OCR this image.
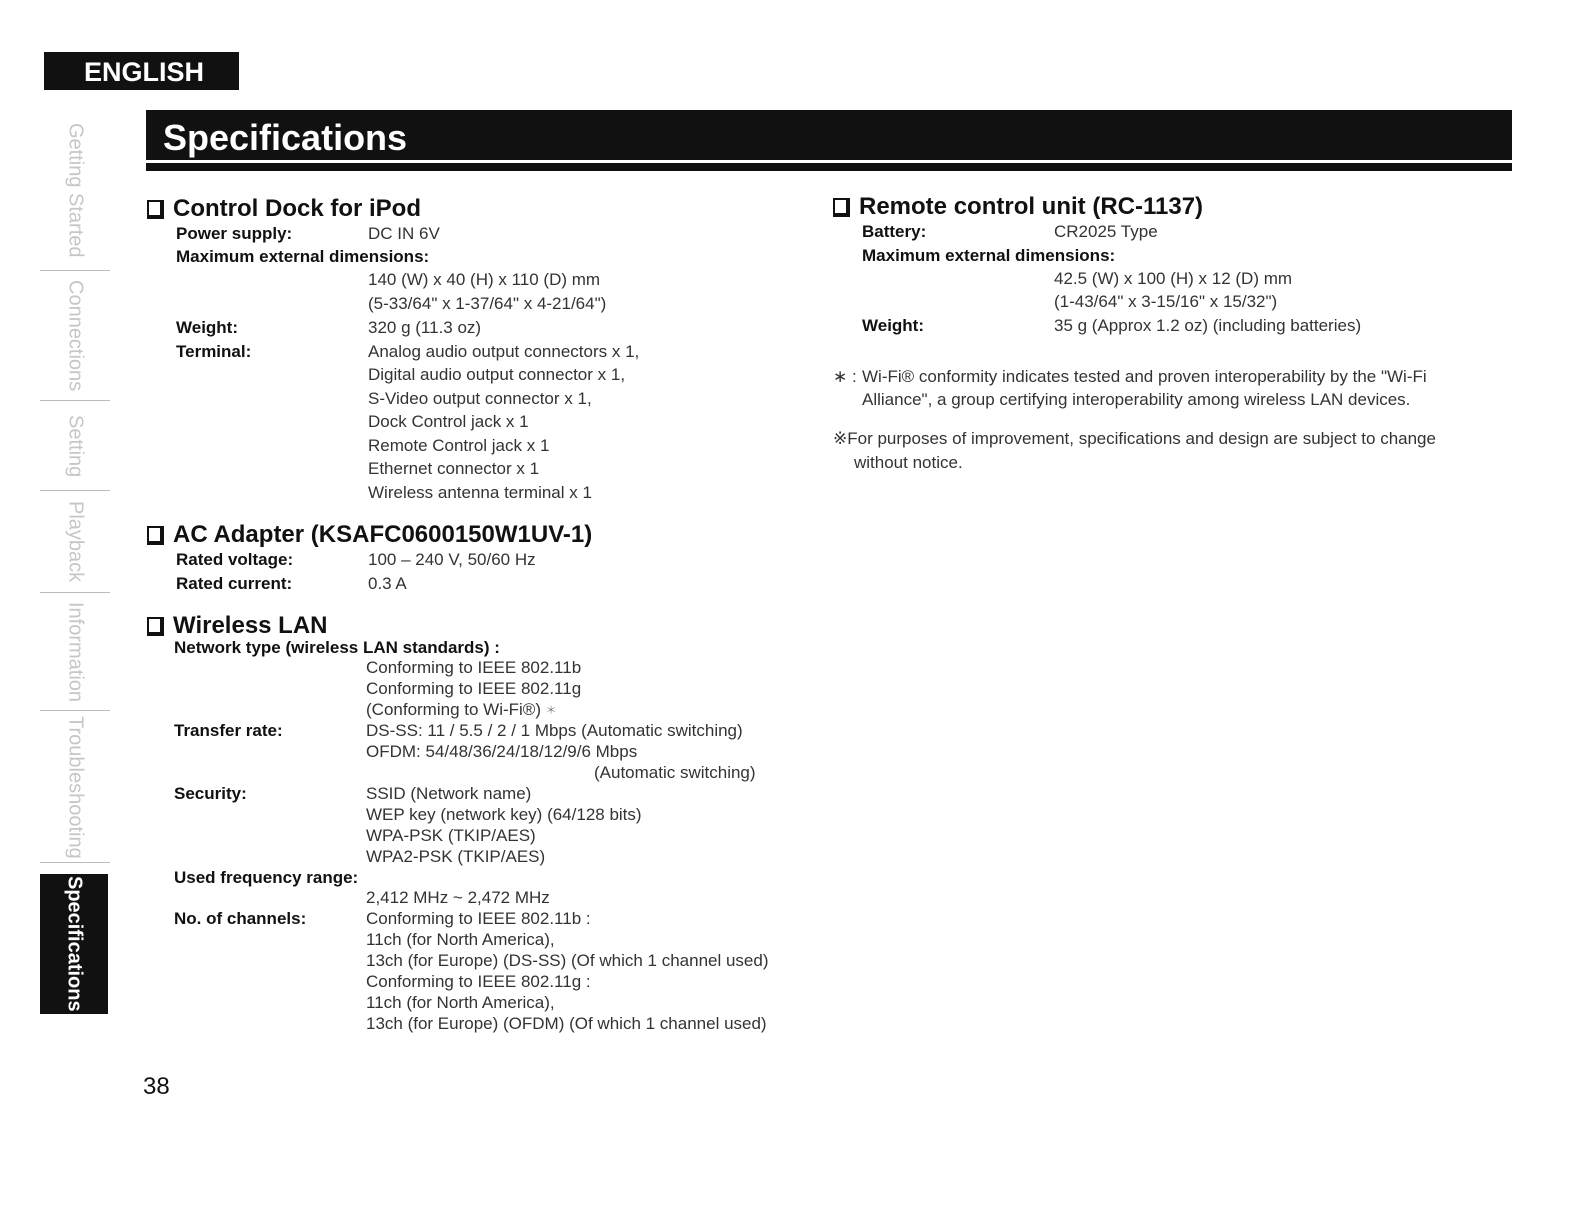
ENGLISH
Specifications
Getting Started
Connections
Setting
Playback
Information
Troubleshooting
Specifications
Control Dock for iPod
Power supply:	DC IN 6V
Maximum external dimensions:
140 (W) x 40 (H) x 110 (D) mm
(5-33/64" x 1-37/64" x 4-21/64")
Weight:	320 g (11.3 oz)
Terminal:	Analog audio output connectors x 1,
Digital audio output connector x 1,
S-Video output connector x 1,
Dock Control jack x 1
Remote Control jack x 1
Ethernet connector x 1
Wireless antenna terminal x 1
AC Adapter (KSAFC0600150W1UV-1)
Rated voltage:	100 – 240 V, 50/60 Hz
Rated current:	0.3 A
Wireless LAN
Network type (wireless LAN standards) :
Conforming to IEEE 802.11b
Conforming to IEEE 802.11g
(Conforming to Wi-Fi®) ∗
Transfer rate:	DS-SS: 11 / 5.5 / 2 / 1 Mbps (Automatic switching)
OFDM: 54/48/36/24/18/12/9/6 Mbps
(Automatic switching)
Security:	SSID (Network name)
WEP key (network key) (64/128 bits)
WPA-PSK (TKIP/AES)
WPA2-PSK (TKIP/AES)
Used frequency range:
2,412 MHz ~ 2,472 MHz
No. of channels:	Conforming to IEEE 802.11b :
11ch (for North America),
13ch (for Europe) (DS-SS) (Of which 1 channel used)
Conforming to IEEE 802.11g :
11ch (for North America),
13ch (for Europe) (OFDM) (Of which 1 channel used)
Remote control unit (RC-1137)
Battery:	CR2025 Type
Maximum external dimensions:
42.5 (W) x 100 (H) x 12 (D) mm
(1-43/64" x 3-15/16" x 15/32")
Weight:	35 g (Approx 1.2 oz) (including batteries)
∗ : Wi-Fi® conformity indicates tested and proven interoperability by the "Wi-Fi
Alliance", a group certifying interoperability among wireless LAN devices.
※For purposes of improvement, specifications and design are subject to change
without notice.
38
